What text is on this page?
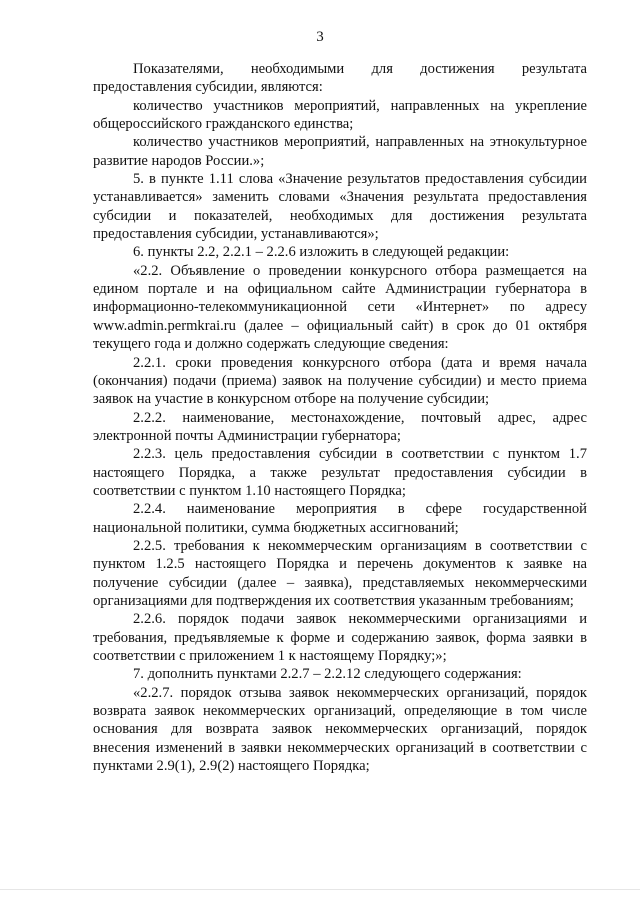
3

Показателями, необходимыми для достижения результата предоставления субсидии, являются:

количество участников мероприятий, направленных на укрепление общероссийского гражданского единства;

количество участников мероприятий, направленных на этнокультурное развитие народов России.»;

5. в пункте 1.11 слова «Значение результатов предоставления субсидии устанавливается» заменить словами «Значения результата предоставления субсидии и показателей, необходимых для достижения результата предоставления субсидии, устанавливаются»;

6. пункты 2.2, 2.2.1 – 2.2.6 изложить в следующей редакции:

«2.2. Объявление о проведении конкурсного отбора размещается на едином портале и на официальном сайте Администрации губернатора в информационно-телекоммуникационной сети «Интернет» по адресу www.admin.permkrai.ru (далее – официальный сайт) в срок до 01 октября текущего года и должно содержать следующие сведения:

2.2.1. сроки проведения конкурсного отбора (дата и время начала (окончания) подачи (приема) заявок на получение субсидии) и место приема заявок на участие в конкурсном отборе на получение субсидии;

2.2.2. наименование, местонахождение, почтовый адрес, адрес электронной почты Администрации губернатора;

2.2.3. цель предоставления субсидии в соответствии с пунктом 1.7 настоящего Порядка, а также результат предоставления субсидии в соответствии с пунктом 1.10 настоящего Порядка;

2.2.4. наименование мероприятия в сфере государственной национальной политики, сумма бюджетных ассигнований;

2.2.5. требования к некоммерческим организациям в соответствии с пунктом 1.2.5 настоящего Порядка и перечень документов к заявке на получение субсидии (далее – заявка), представляемых некоммерческими организациями для подтверждения их соответствия указанным требованиям;

2.2.6. порядок подачи заявок некоммерческими организациями и требования, предъявляемые к форме и содержанию заявок, форма заявки в соответствии с приложением 1 к настоящему Порядку;»;

7. дополнить пунктами 2.2.7 – 2.2.12 следующего содержания:

«2.2.7. порядок отзыва заявок некоммерческих организаций, порядок возврата заявок некоммерческих организаций, определяющие в том числе основания для возврата заявок некоммерческих организаций, порядок внесения изменений в заявки некоммерческих организаций в соответствии с пунктами 2.9(1), 2.9(2) настоящего Порядка;
